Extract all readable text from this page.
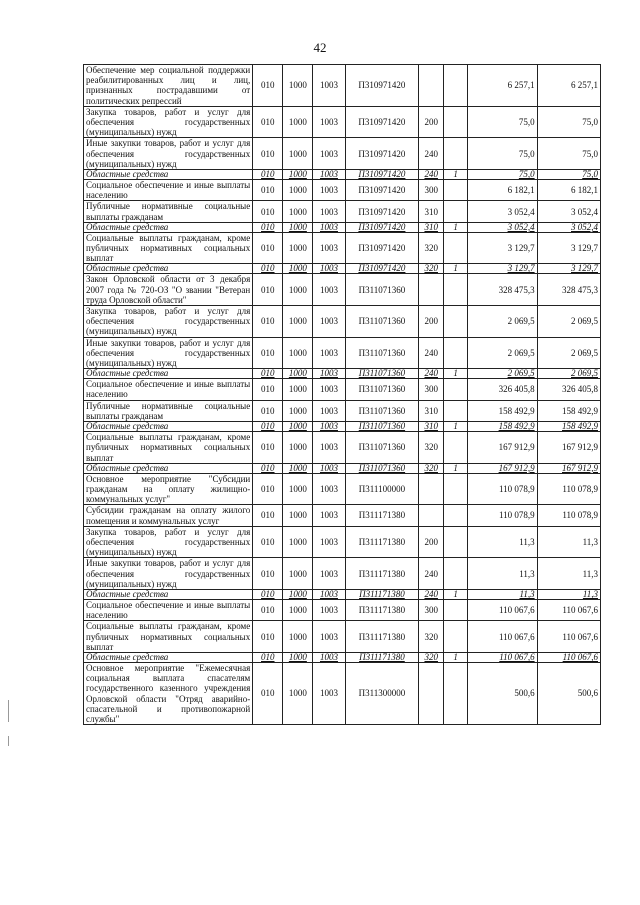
42
Обеспечение мер социальной поддержки реабилитированных лиц и лиц, признанных пострадавшими от политических репрессий	010	1000	1003	П310971420			6 257,1	6 257,1
Закупка товаров, работ и услуг для обеспечения государственных (муниципальных) нужд	010	1000	1003	П310971420	200		75,0	75,0
Иные закупки товаров, работ и услуг для обеспечения государственных (муниципальных) нужд	010	1000	1003	П310971420	240		75,0	75,0
Областные средства	010	1000	1003	П310971420	240	1	75,0	75,0
Социальное обеспечение и иные выплаты населению	010	1000	1003	П310971420	300		6 182,1	6 182,1
Публичные нормативные социальные выплаты гражданам	010	1000	1003	П310971420	310		3 052,4	3 052,4
Областные средства	010	1000	1003	П310971420	310	1	3 052,4	3 052,4
Социальные выплаты гражданам, кроме публичных нормативных социальных выплат	010	1000	1003	П310971420	320		3 129,7	3 129,7
Областные средства	010	1000	1003	П310971420	320	1	3 129,7	3 129,7
Закон Орловской области от 3 декабря 2007 года № 720-ОЗ "О звании "Ветеран труда Орловской области"	010	1000	1003	П311071360			328 475,3	328 475,3
Закупка товаров, работ и услуг для обеспечения государственных (муниципальных) нужд	010	1000	1003	П311071360	200		2 069,5	2 069,5
Иные закупки товаров, работ и услуг для обеспечения государственных (муниципальных) нужд	010	1000	1003	П311071360	240		2 069,5	2 069,5
Областные средства	010	1000	1003	П311071360	240	1	2 069,5	2 069,5
Социальное обеспечение и иные выплаты населению	010	1000	1003	П311071360	300		326 405,8	326 405,8
Публичные нормативные социальные выплаты гражданам	010	1000	1003	П311071360	310		158 492,9	158 492,9
Областные средства	010	1000	1003	П311071360	310	1	158 492,9	158 492,9
Социальные выплаты гражданам, кроме публичных нормативных социальных выплат	010	1000	1003	П311071360	320		167 912,9	167 912,9
Областные средства	010	1000	1003	П311071360	320	1	167 912,9	167 912,9
Основное мероприятие "Субсидии гражданам на оплату жилищно-коммунальных услуг"	010	1000	1003	П311100000			110 078,9	110 078,9
Субсидии гражданам на оплату жилого помещения и коммунальных услуг	010	1000	1003	П311171380			110 078,9	110 078,9
Закупка товаров, работ и услуг для обеспечения государственных (муниципальных) нужд	010	1000	1003	П311171380	200		11,3	11,3
Иные закупки товаров, работ и услуг для обеспечения государственных (муниципальных) нужд	010	1000	1003	П311171380	240		11,3	11,3
Областные средства	010	1000	1003	П311171380	240	1	11,3	11,3
Социальное обеспечение и иные выплаты населению	010	1000	1003	П311171380	300		110 067,6	110 067,6
Социальные выплаты гражданам, кроме публичных нормативных социальных выплат	010	1000	1003	П311171380	320		110 067,6	110 067,6
Областные средства	010	1000	1003	П311171380	320	1	110 067,6	110 067,6
Основное мероприятие "Ежемесячная социальная выплата спасателям государственного казенного учреждения Орловской области "Отряд аварийно-спасательной и противопожарной службы"	010	1000	1003	П311300000			500,6	500,6
